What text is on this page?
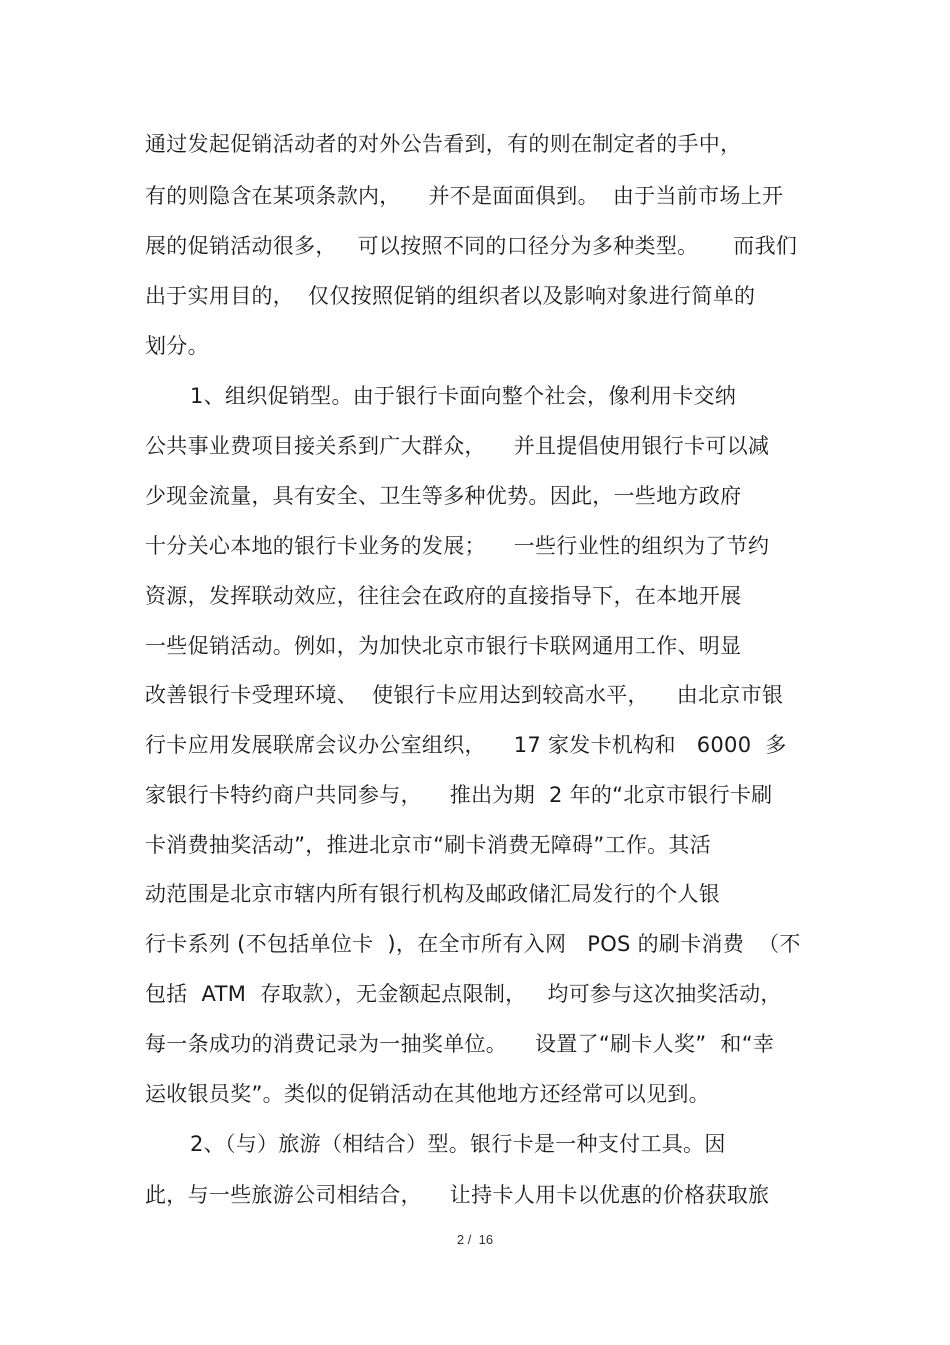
通过发起促销活动者的对外公告看到，有的则在制定者的手中，
有的则隐含在某项条款内，    并不是面面俱到。  由于当前市场上开
展的促销活动很多，   可以按照不同的口径分为多种类型。     而我们
出于实用目的，  仅仅按照促销的组织者以及影响对象进行简单的
划分。
1、组织促销型。由于银行卡面向整个社会，像利用卡交纳
公共事业费项目接关系到广大群众，    并且提倡使用银行卡可以减
少现金流量，具有安全、卫生等多种优势。因此，一些地方政府
十分关心本地的银行卡业务的发展；    一些行业性的组织为了节约
资源，发挥联动效应，往往会在政府的直接指导下，在本地开展
一些促销活动。例如，为加快北京市银行卡联网通用工作、明显
改善银行卡受理环境、  使银行卡应用达到较高水平，    由北京市银
行卡应用发展联席会议办公室组织，    17 家发卡机构和   6000  多
家银行卡特约商户共同参与，    推出为期  2 年的“北京市银行卡刷
卡消费抽奖活动”，推进北京市“刷卡消费无障碍”工作。其活
动范围是北京市辖内所有银行机构及邮政储汇局发行的个人银
行卡系列 (不包括单位卡  )，在全市所有入网   POS 的刷卡消费  （不
包括  ATM  存取款），无金额起点限制，   均可参与这次抽奖活动，
每一条成功的消费记录为一抽奖单位。    设置了“刷卡人奖”  和“幸
运收银员奖”。类似的促销活动在其他地方还经常可以见到。
2、（与）旅游（相结合）型。银行卡是一种支付工具。因
此，与一些旅游公司相结合，    让持卡人用卡以优惠的价格获取旅
2 /  16
